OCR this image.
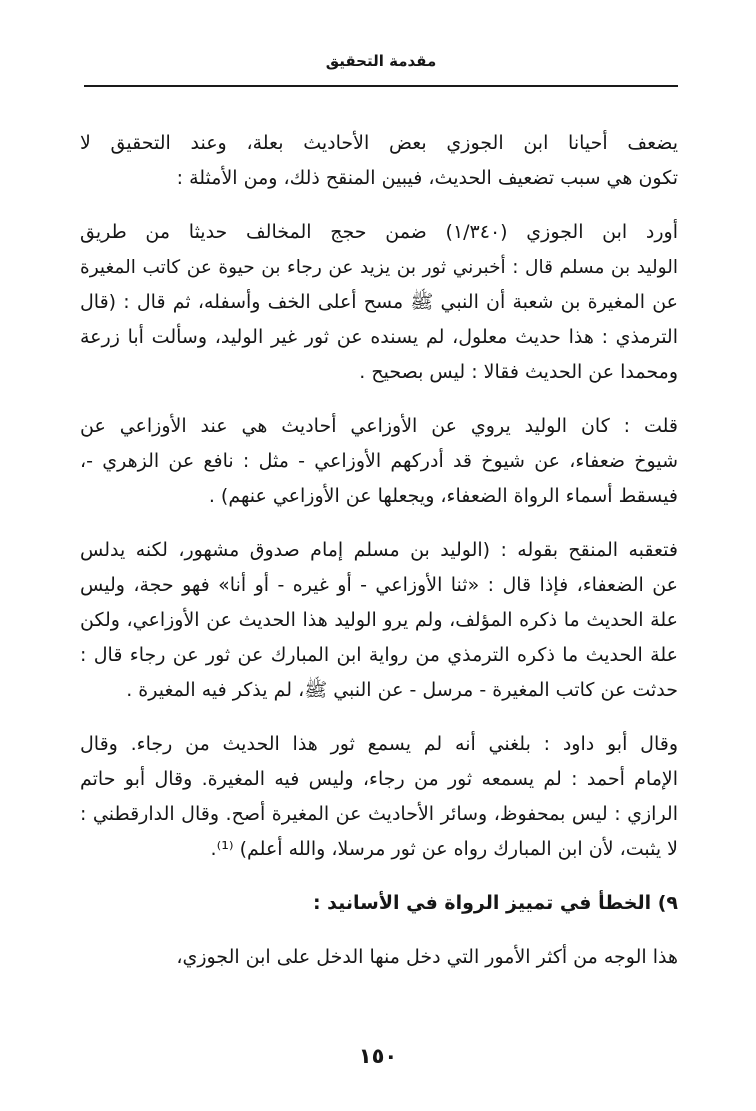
مقدمة التحقيق

يضعف أحيانا ابن الجوزي بعض الأحاديث بعلة، وعند التحقيق لا
تكون هي سبب تضعيف الحديث، فيبين المنقح ذلك، ومن الأمثلة :

أورد ابن الجوزي (١/٣٤٠) ضمن حجج المخالف حديثا من طريق
الوليد بن مسلم قال : أخبرني ثور بن يزيد عن رجاء بن حيوة عن كاتب المغيرة
عن المغيرة بن شعبة أن النبي ﷺ مسح أعلى الخف وأسفله، ثم قال : (قال
الترمذي : هذا حديث معلول، لم يسنده عن ثور غير الوليد، وسألت أبا زرعة
ومحمدا عن الحديث فقالا : ليس بصحيح .

قلت : كان الوليد يروي عن الأوزاعي أحاديث هي عند الأوزاعي عن
شيوخ ضعفاء، عن شيوخ قد أدركهم الأوزاعي - مثل : نافع عن الزهري -،
فيسقط أسماء الرواة الضعفاء، ويجعلها عن الأوزاعي عنهم) .

فتعقبه المنقح بقوله : (الوليد بن مسلم إمام صدوق مشهور، لكنه يدلس
عن الضعفاء، فإذا قال : «ثنا الأوزاعي - أو غيره - أو أنا» فهو حجة، وليس
علة الحديث ما ذكره المؤلف، ولم يرو الوليد هذا الحديث عن الأوزاعي، ولكن
علة الحديث ما ذكره الترمذي من رواية ابن المبارك عن ثور عن رجاء قال :
حدثت عن كاتب المغيرة - مرسل - عن النبي ﷺ، لم يذكر فيه المغيرة .

وقال أبو داود : بلغني أنه لم يسمع ثور هذا الحديث من رجاء. وقال
الإمام أحمد : لم يسمعه ثور من رجاء، وليس فيه المغيرة. وقال أبو حاتم
الرازي : ليس بمحفوظ، وسائر الأحاديث عن المغيرة أصح. وقال الدارقطني :
لا يثبت، لأن ابن المبارك رواه عن ثور مرسلا، والله أعلم) ⁽¹⁾.

٩) الخطأ في تمييز الرواة في الأسانيد :

هذا الوجه من أكثر الأمور التي دخل منها الدخل على ابن الجوزي،

١٥٠
